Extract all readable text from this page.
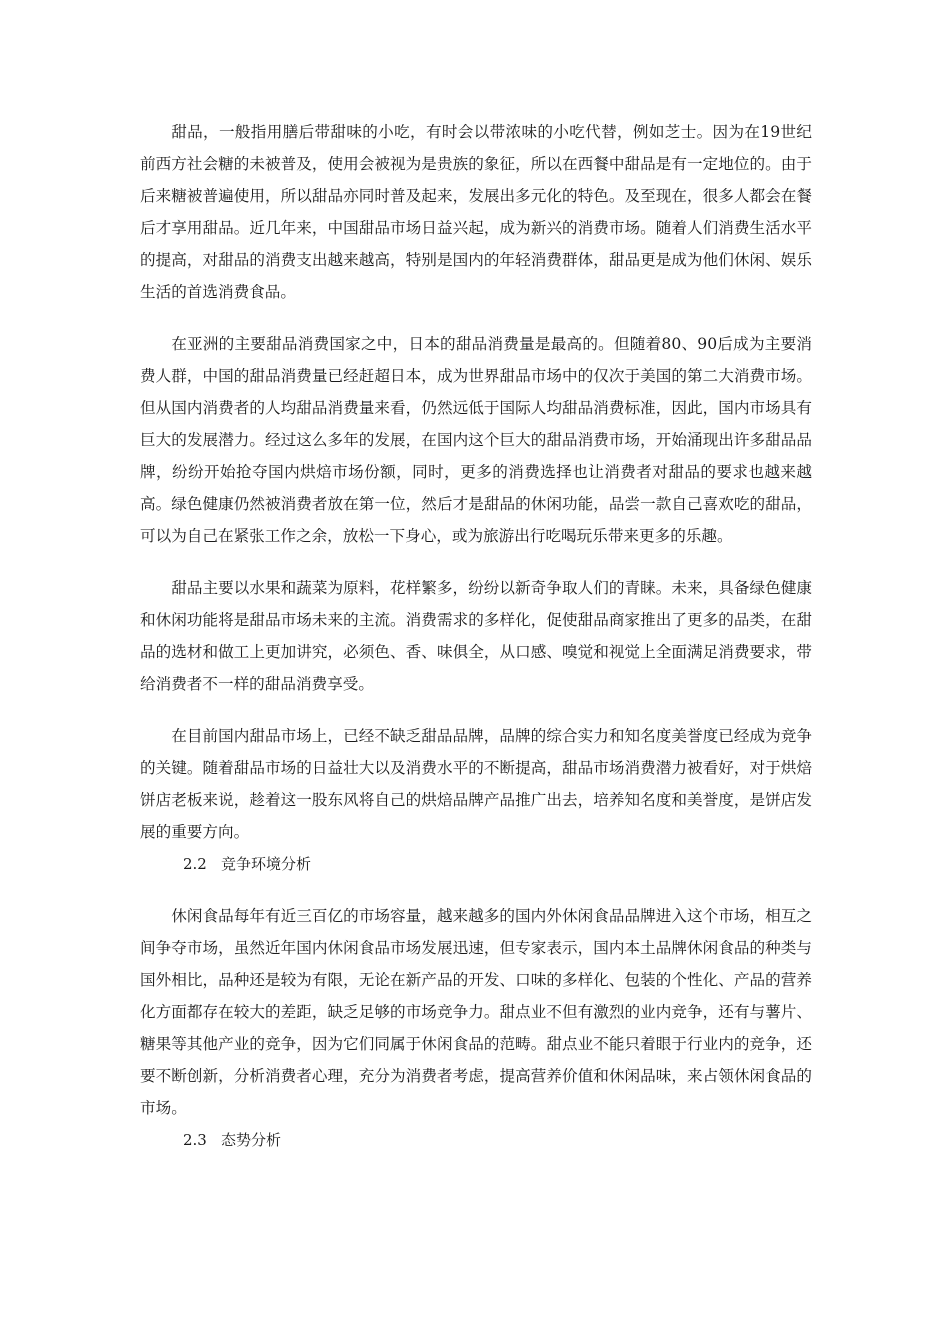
甜品，一般指用膳后带甜味的小吃，有时会以带浓味的小吃代替，例如芝士。因为在19世纪前西方社会糖的未被普及，使用会被视为是贵族的象征，所以在西餐中甜品是有一定地位的。由于后来糖被普遍使用，所以甜品亦同时普及起来，发展出多元化的特色。及至现在，很多人都会在餐后才享用甜品。近几年来，中国甜品市场日益兴起，成为新兴的消费市场。随着人们消费生活水平的提高，对甜品的消费支出越来越高，特别是国内的年轻消费群体，甜品更是成为他们休闲、娱乐生活的首选消费食品。

在亚洲的主要甜品消费国家之中，日本的甜品消费量是最高的。但随着80、90后成为主要消费人群，中国的甜品消费量已经赶超日本，成为世界甜品市场中的仅次于美国的第二大消费市场。但从国内消费者的人均甜品消费量来看，仍然远低于国际人均甜品消费标准，因此，国内市场具有巨大的发展潜力。经过这么多年的发展，在国内这个巨大的甜品消费市场，开始涌现出许多甜品品牌，纷纷开始抢夺国内烘焙市场份额，同时，更多的消费选择也让消费者对甜品的要求也越来越高。绿色健康仍然被消费者放在第一位，然后才是甜品的休闲功能，品尝一款自己喜欢吃的甜品，可以为自己在紧张工作之余，放松一下身心，或为旅游出行吃喝玩乐带来更多的乐趣。

甜品主要以水果和蔬菜为原料，花样繁多，纷纷以新奇争取人们的青睐。未来，具备绿色健康和休闲功能将是甜品市场未来的主流。消费需求的多样化，促使甜品商家推出了更多的品类，在甜品的选材和做工上更加讲究，必须色、香、味俱全，从口感、嗅觉和视觉上全面满足消费要求，带给消费者不一样的甜品消费享受。

在目前国内甜品市场上，已经不缺乏甜品品牌，品牌的综合实力和知名度美誉度已经成为竞争的关键。随着甜品市场的日益壮大以及消费水平的不断提高，甜品市场消费潜力被看好，对于烘焙饼店老板来说，趁着这一股东风将自己的烘焙品牌产品推广出去，培养知名度和美誉度，是饼店发展的重要方向。

2.2 竞争环境分析

休闲食品每年有近三百亿的市场容量，越来越多的国内外休闲食品品牌进入这个市场，相互之间争夺市场，虽然近年国内休闲食品市场发展迅速，但专家表示，国内本土品牌休闲食品的种类与国外相比，品种还是较为有限，无论在新产品的开发、口味的多样化、包装的个性化、产品的营养化方面都存在较大的差距，缺乏足够的市场竞争力。甜点业不但有激烈的业内竞争，还有与薯片、糖果等其他产业的竞争，因为它们同属于休闲食品的范畴。甜点业不能只着眼于行业内的竞争，还要不断创新，分析消费者心理，充分为消费者考虑，提高营养价值和休闲品味，来占领休闲食品的市场。

2.3 态势分析
